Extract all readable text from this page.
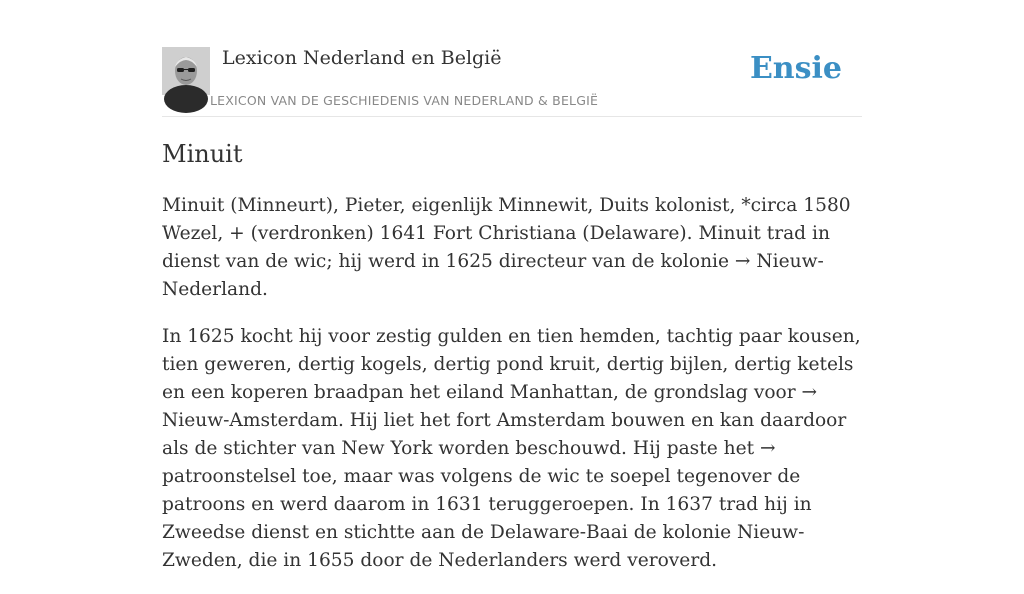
Lexicon Nederland en België
LEXICON VAN DE GESCHIEDENIS VAN NEDERLAND & BELGIË
Ensie
Minuit

Minuit (Minneurt), Pieter, eigenlijk Minnewit, Duits kolonist, *circa 1580 Wezel, + (verdronken) 1641 Fort Christiana (Delaware). Minuit trad in dienst van de wic; hij werd in 1625 directeur van de kolonie → Nieuw-Nederland.

In 1625 kocht hij voor zestig gulden en tien hemden, tachtig paar kousen, tien geweren, dertig kogels, dertig pond kruit, dertig bijlen, dertig ketels en een koperen braadpan het eiland Manhattan, de grondslag voor → Nieuw-Amsterdam. Hij liet het fort Amsterdam bouwen en kan daardoor als de stichter van New York worden beschouwd. Hij paste het → patroonstelsel toe, maar was volgens de wic te soepel tegenover de patroons en werd daarom in 1631 teruggeroepen. In 1637 trad hij in Zweedse dienst en stichtte aan de Delaware-Baai de kolonie Nieuw-Zweden, die in 1655 door de Nederlanders werd veroverd.
